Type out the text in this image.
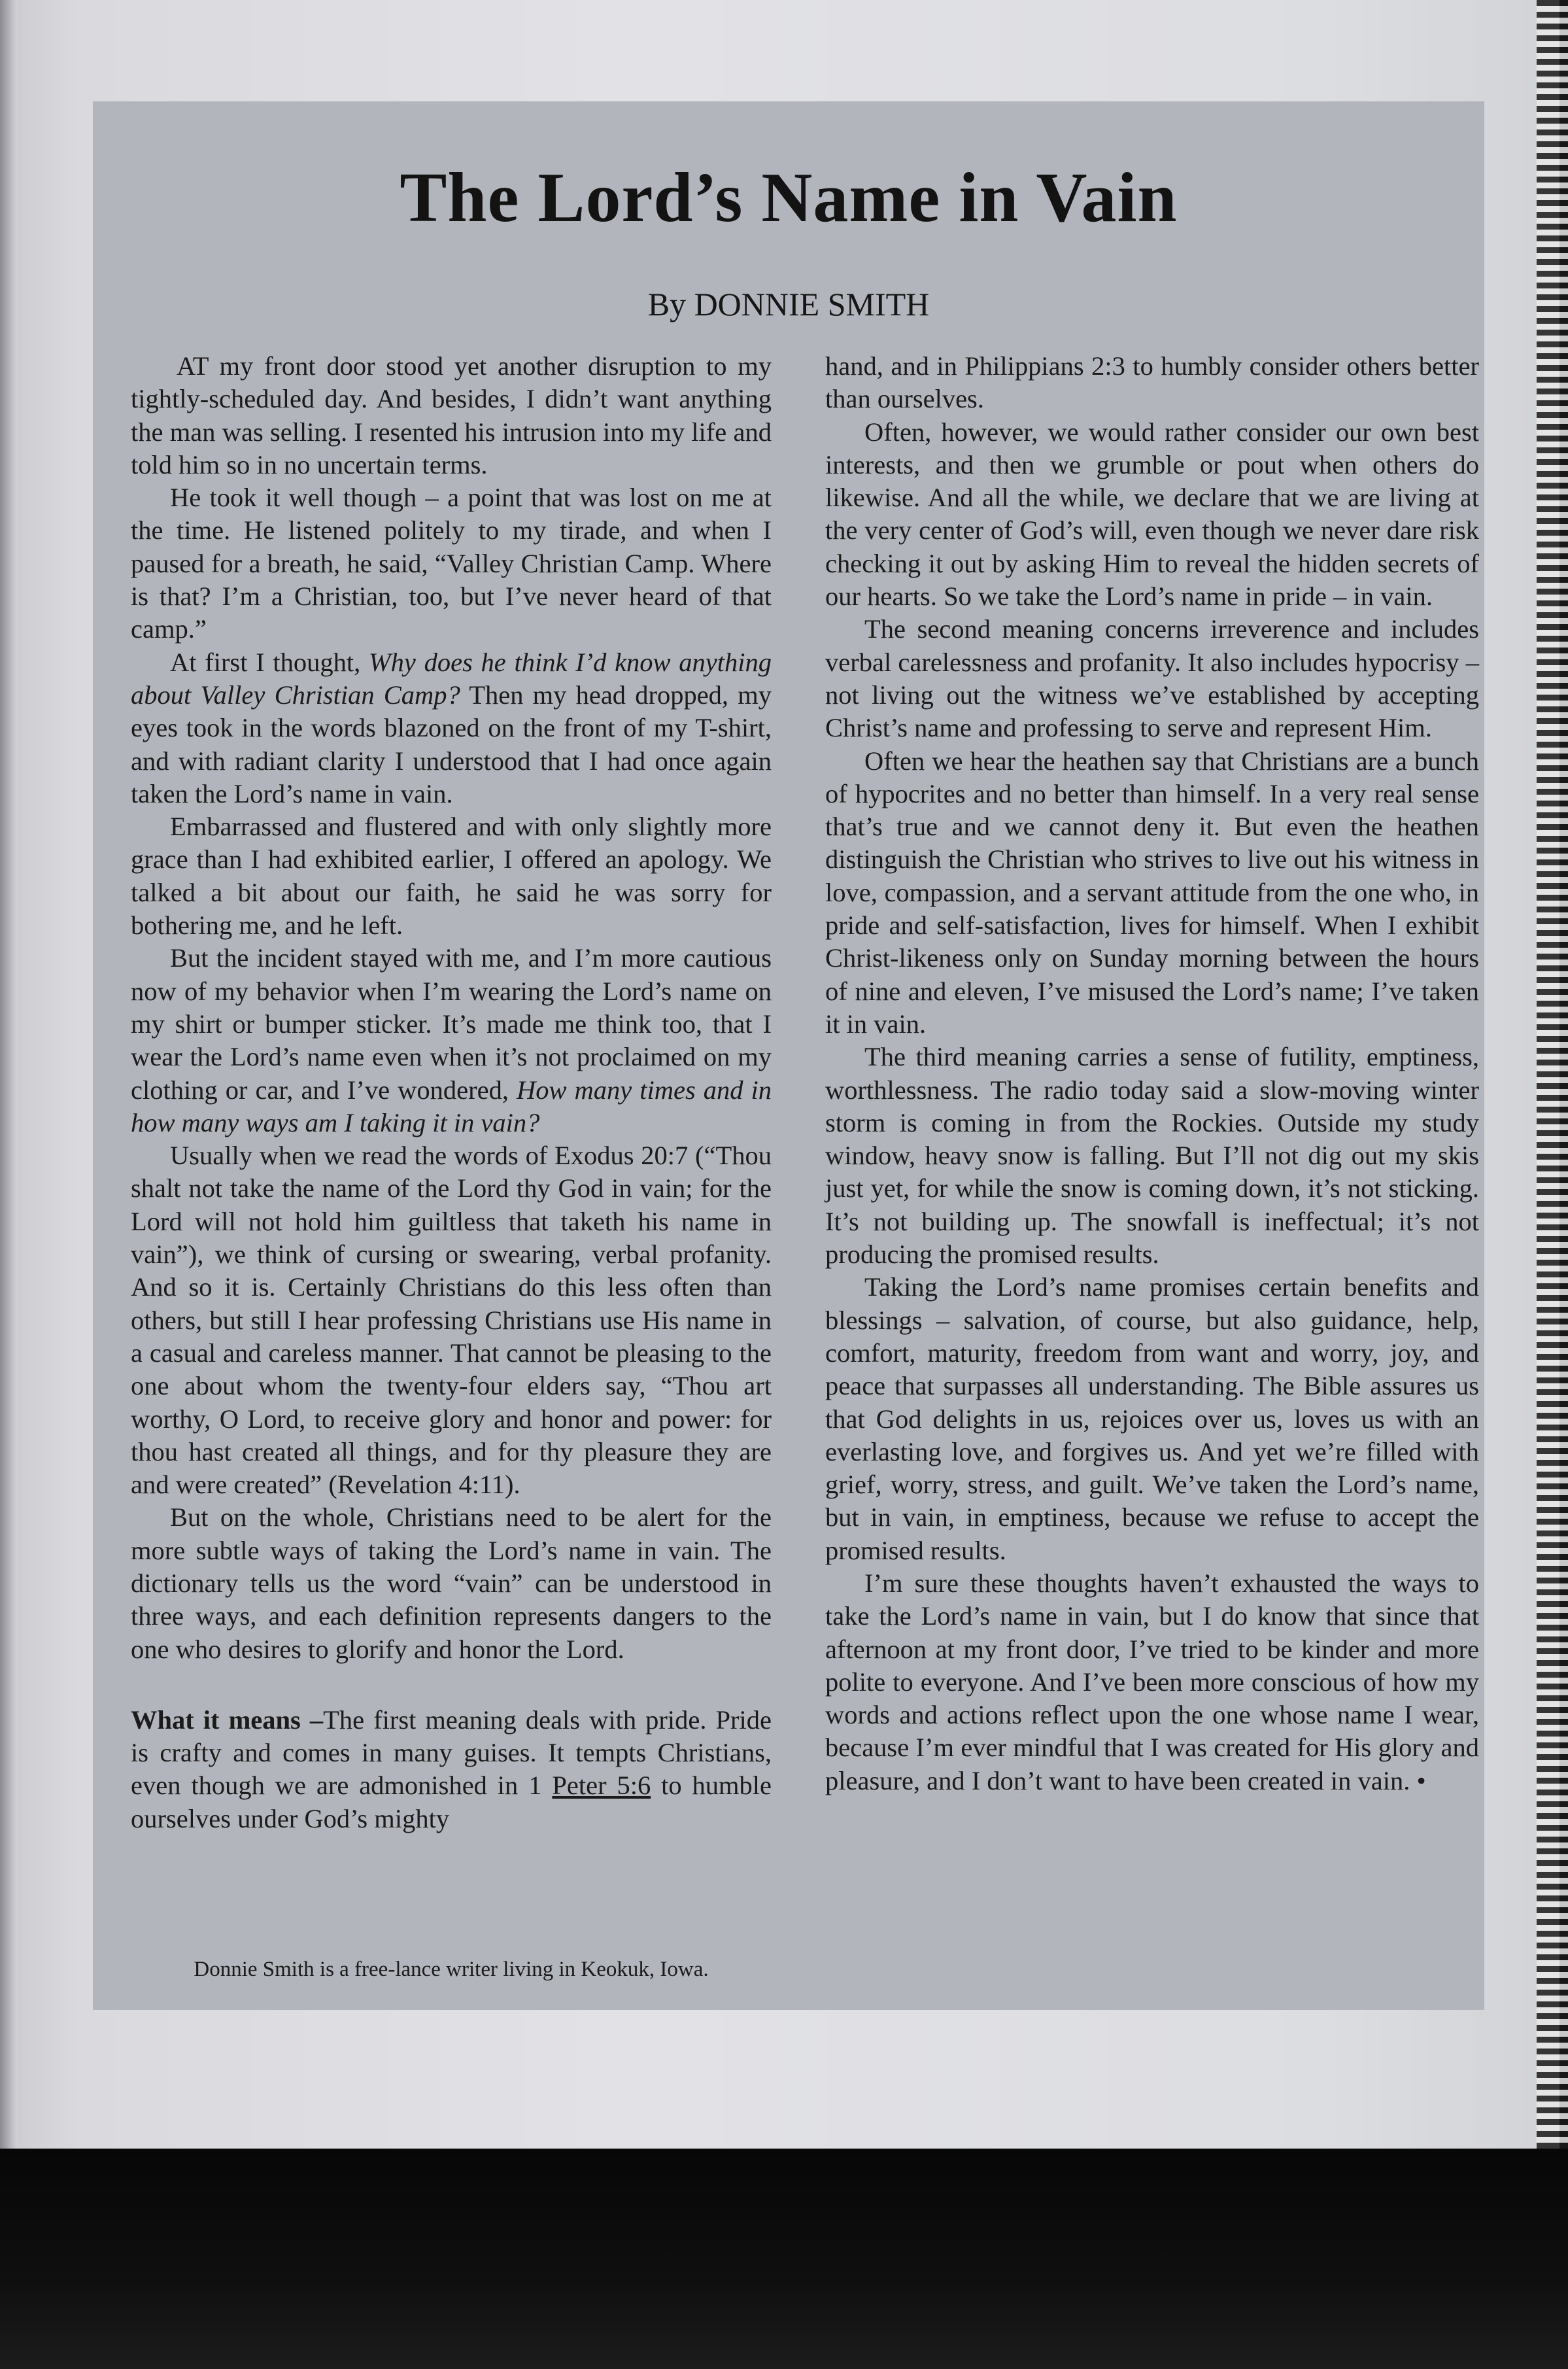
The Lord’s Name in Vain
By DONNIE SMITH

AT my front door stood yet another disruption to my tightly-scheduled day. And besides, I didn’t want anything the man was selling. I resented his intrusion into my life and told him so in no uncertain terms.

He took it well though – a point that was lost on me at the time. He listened politely to my tirade, and when I paused for a breath, he said, “Valley Christian Camp. Where is that? I’m a Christian, too, but I’ve never heard of that camp.”

At first I thought, Why does he think I’d know anything about Valley Christian Camp? Then my head dropped, my eyes took in the words blazoned on the front of my T-shirt, and with radiant clarity I understood that I had once again taken the Lord’s name in vain.

Embarrassed and flustered and with only slightly more grace than I had exhibited earlier, I offered an apology. We talked a bit about our faith, he said he was sorry for bothering me, and he left.

But the incident stayed with me, and I’m more cautious now of my behavior when I’m wearing the Lord’s name on my shirt or bumper sticker. It’s made me think too, that I wear the Lord’s name even when it’s not proclaimed on my clothing or car, and I’ve wondered, How many times and in how many ways am I taking it in vain?

Usually when we read the words of Exodus 20:7 (“Thou shalt not take the name of the Lord thy God in vain; for the Lord will not hold him guiltless that taketh his name in vain”), we think of cursing or swearing, verbal profanity. And so it is. Certainly Christians do this less often than others, but still I hear professing Christians use His name in a casual and careless manner. That cannot be pleasing to the one about whom the twenty-four elders say, “Thou art worthy, O Lord, to receive glory and honor and power: for thou hast created all things, and for thy pleasure they are and were created” (Revelation 4:11).

But on the whole, Christians need to be alert for the more subtle ways of taking the Lord’s name in vain. The dictionary tells us the word “vain” can be understood in three ways, and each definition represents dangers to the one who desires to glorify and honor the Lord.

What it means –The first meaning deals with pride. Pride is crafty and comes in many guises. It tempts Christians, even though we are admonished in 1 Peter 5:6 to humble ourselves under God’s mighty

Donnie Smith is a free-lance writer living in Keokuk, Iowa.

hand, and in Philippians 2:3 to humbly consider others better than ourselves.

Often, however, we would rather consider our own best interests, and then we grumble or pout when others do likewise. And all the while, we declare that we are living at the very center of God’s will, even though we never dare risk checking it out by asking Him to reveal the hidden secrets of our hearts. So we take the Lord’s name in pride – in vain.

The second meaning concerns irreverence and includes verbal carelessness and profanity. It also includes hypocrisy – not living out the witness we’ve established by accepting Christ’s name and professing to serve and represent Him.

Often we hear the heathen say that Christians are a bunch of hypocrites and no better than himself. In a very real sense that’s true and we cannot deny it. But even the heathen distinguish the Christian who strives to live out his witness in love, compassion, and a servant attitude from the one who, in pride and self-satisfaction, lives for himself. When I exhibit Christ-likeness only on Sunday morning between the hours of nine and eleven, I’ve misused the Lord’s name; I’ve taken it in vain.

The third meaning carries a sense of futility, emptiness, worthlessness. The radio today said a slow-moving winter storm is coming in from the Rockies. Outside my study window, heavy snow is falling. But I’ll not dig out my skis just yet, for while the snow is coming down, it’s not sticking. It’s not building up. The snowfall is ineffectual; it’s not producing the promised results.

Taking the Lord’s name promises certain benefits and blessings – salvation, of course, but also guidance, help, comfort, maturity, freedom from want and worry, joy, and peace that surpasses all understanding. The Bible assures us that God delights in us, rejoices over us, loves us with an everlasting love, and forgives us. And yet we’re filled with grief, worry, stress, and guilt. We’ve taken the Lord’s name, but in vain, in emptiness, because we refuse to accept the promised results.

I’m sure these thoughts haven’t exhausted the ways to take the Lord’s name in vain, but I do know that since that afternoon at my front door, I’ve tried to be kinder and more polite to everyone. And I’ve been more conscious of how my words and actions reflect upon the one whose name I wear, because I’m ever mindful that I was created for His glory and pleasure, and I don’t want to have been created in vain. •
